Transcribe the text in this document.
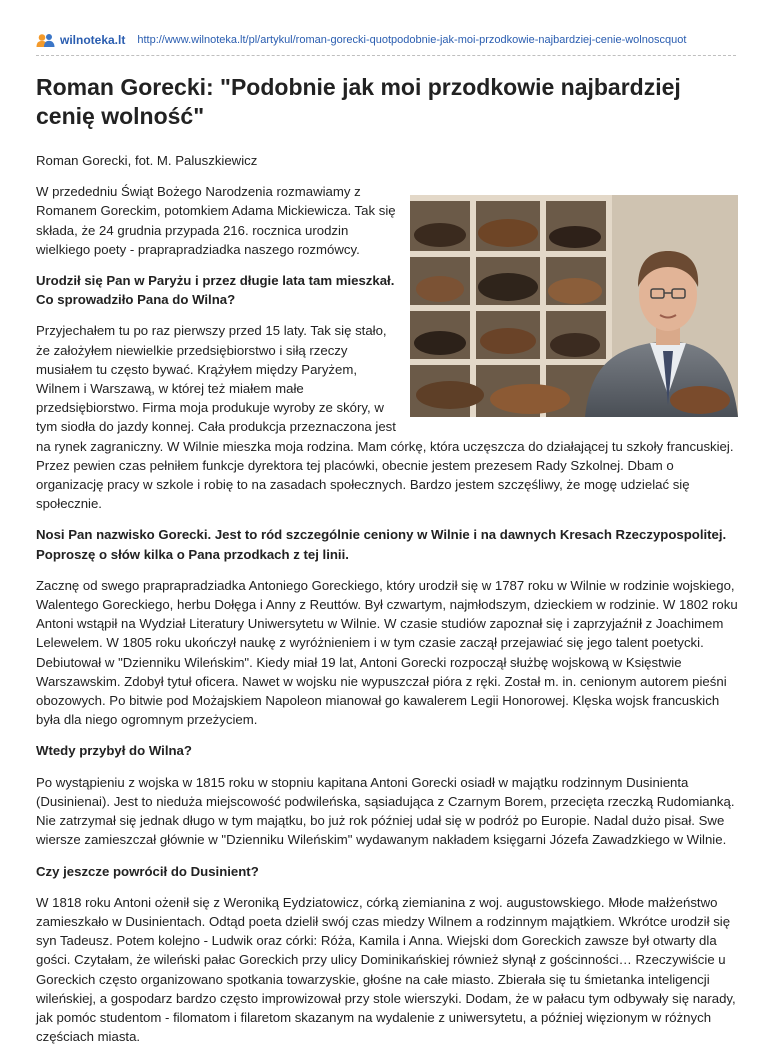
wilnoteka.lt http://www.wilnoteka.lt/pl/artykul/roman-gorecki-quotpodobnie-jak-moi-przodkowie-najbardziej-cenie-wolnoscquot
Roman Gorecki: "Podobnie jak moi przodkowie najbardziej cenię wolność"

Roman Gorecki, fot. M. Paluszkiewicz

W przededniu Świąt Bożego Narodzenia rozmawiamy z Romanem Goreckim, potomkiem Adama Mickiewicza. Tak się składa, że 24 grudnia przypada 216. rocznica urodzin wielkiego poety - praprapradziadka naszego rozmówcy.

Urodził się Pan w Paryżu i przez długie lata tam mieszkał. Co sprowadziło Pana do Wilna?

Przyjechałem tu po raz pierwszy przed 15 laty. Tak się stało, że założyłem niewielkie przedsiębiorstwo i siłą rzeczy musiałem tu często bywać. Krążyłem między Paryżem, Wilnem i Warszawą, w której też miałem małe przedsiębiorstwo. Firma moja produkuje wyroby ze skóry, w tym siodła do jazdy konnej. Cała produkcja przeznaczona jest na rynek zagraniczny. W Wilnie mieszka moja rodzina. Mam córkę, która uczęszcza do działającej tu szkoły francuskiej. Przez pewien czas pełniłem funkcje dyrektora tej placówki, obecnie jestem prezesem Rady Szkolnej. Dbam o organizację pracy w szkole i robię to na zasadach społecznych. Bardzo jestem szczęśliwy, że mogę udzielać się społecznie.

Nosi Pan nazwisko Gorecki. Jest to ród szczególnie ceniony w Wilnie i na dawnych Kresach Rzeczypospolitej. Poproszę o słów kilka o Pana przodkach z tej linii.

Zacznę od swego praprapradziadka Antoniego Goreckiego, który urodził się w 1787 roku w Wilnie w rodzinie wojskiego, Walentego Goreckiego, herbu Dołęga i Anny z Reuttów. Był czwartym, najmłodszym, dzieckiem w rodzinie. W 1802 roku Antoni wstąpił na Wydział Literatury Uniwersytetu w Wilnie. W czasie studiów zapoznał się i zaprzyjaźnił z Joachimem Lelewelem. W 1805 roku ukończył naukę z wyróżnieniem i w tym czasie zaczął przejawiać się jego talent poetycki. Debiutował w "Dzienniku Wileńskim". Kiedy miał 19 lat, Antoni Gorecki rozpoczął służbę wojskową w Księstwie Warszawskim. Zdobył tytuł oficera. Nawet w wojsku nie wypuszczał pióra z ręki. Został m. in. cenionym autorem pieśni obozowych. Po bitwie pod Możajskiem Napoleon mianował go kawalerem Legii Honorowej. Klęska wojsk francuskich była dla niego ogromnym przeżyciem.

Wtedy przybył do Wilna?

Po wystąpieniu z wojska w 1815 roku w stopniu kapitana Antoni Gorecki osiadł w majątku rodzinnym Dusinienta (Dusinienai). Jest to nieduża miejscowość podwileńska, sąsiadująca z Czarnym Borem, przecięta rzeczką Rudomianką. Nie zatrzymał się jednak długo w tym majątku, bo już rok później udał się w podróż po Europie. Nadal dużo pisał. Swe wiersze zamieszczał głównie w "Dzienniku Wileńskim" wydawanym nakładem księgarni Józefa Zawadzkiego w Wilnie.

Czy jeszcze powrócił do Dusinient?

W 1818 roku Antoni ożenił się z Weroniką Eydziatowicz, córką ziemianina z woj. augustowskiego. Młode małżeństwo zamieszkało w Dusinientach. Odtąd poeta dzielił swój czas miedzy Wilnem a rodzinnym majątkiem. Wkrótce urodził się syn Tadeusz. Potem kolejno - Ludwik oraz córki: Róża, Kamila i Anna. Wiejski dom Goreckich zawsze był otwarty dla gości. Czytałam, że wileński pałac Goreckich przy ulicy Dominikańskiej również słynął z gościnności… Rzeczywiście u Goreckich często organizowano spotkania towarzyskie, głośne na całe miasto. Zbierała się tu śmietanka inteligencji wileńskiej, a gospodarz bardzo często improwizował przy stole wierszyki. Dodam, że w pałacu tym odbywały się narady, jak pomóc studentom - filomatom i filaretom skazanym na wydalenie z uniwersytetu, a później więzionym w różnych częściach miasta.
